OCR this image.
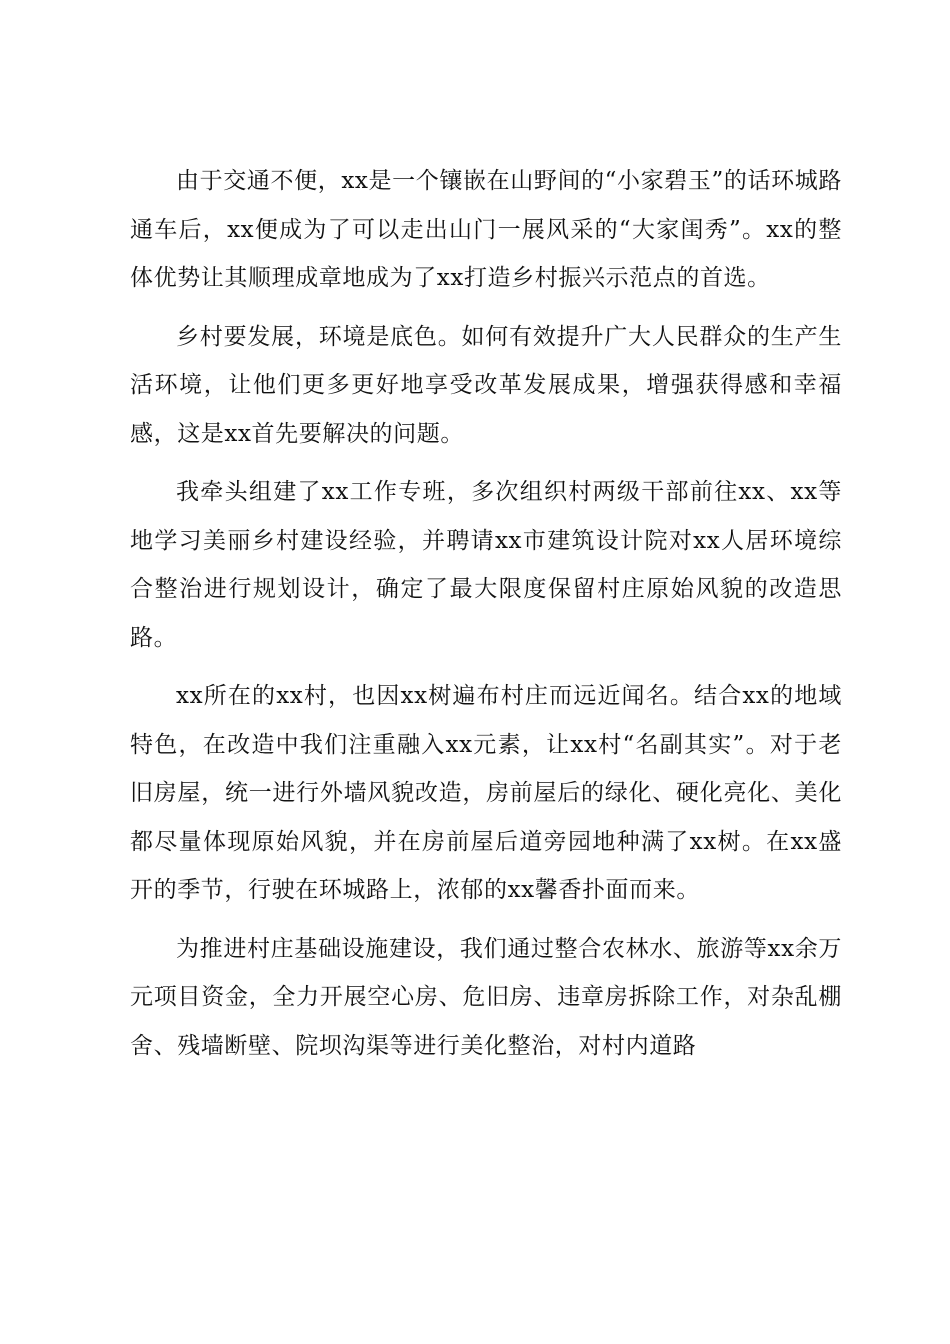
由于交通不便，xx是一个镶嵌在山野间的“小家碧玉”的话环城路通车后，xx便成为了可以走出山门一展风采的“大家闺秀”。xx的整体优势让其顺理成章地成为了xx打造乡村振兴示范点的首选。

乡村要发展，环境是底色。如何有效提升广大人民群众的生产生活环境，让他们更多更好地享受改革发展成果，增强获得感和幸福感，这是xx首先要解决的问题。

我牵头组建了xx工作专班，多次组织村两级干部前往xx、xx等地学习美丽乡村建设经验，并聘请xx市建筑设计院对xx人居环境综合整治进行规划设计，确定了最大限度保留村庄原始风貌的改造思路。

xx所在的xx村，也因xx树遍布村庄而远近闻名。结合xx的地域特色，在改造中我们注重融入xx元素，让xx村“名副其实”。对于老旧房屋，统一进行外墙风貌改造，房前屋后的绿化、硬化亮化、美化都尽量体现原始风貌，并在房前屋后道旁园地种满了xx树。在xx盛开的季节，行驶在环城路上，浓郁的xx馨香扑面而来。

为推进村庄基础设施建设，我们通过整合农林水、旅游等xx余万元项目资金，全力开展空心房、危旧房、违章房拆除工作，对杂乱棚舍、残墙断壁、院坝沟渠等进行美化整治，对村内道路
